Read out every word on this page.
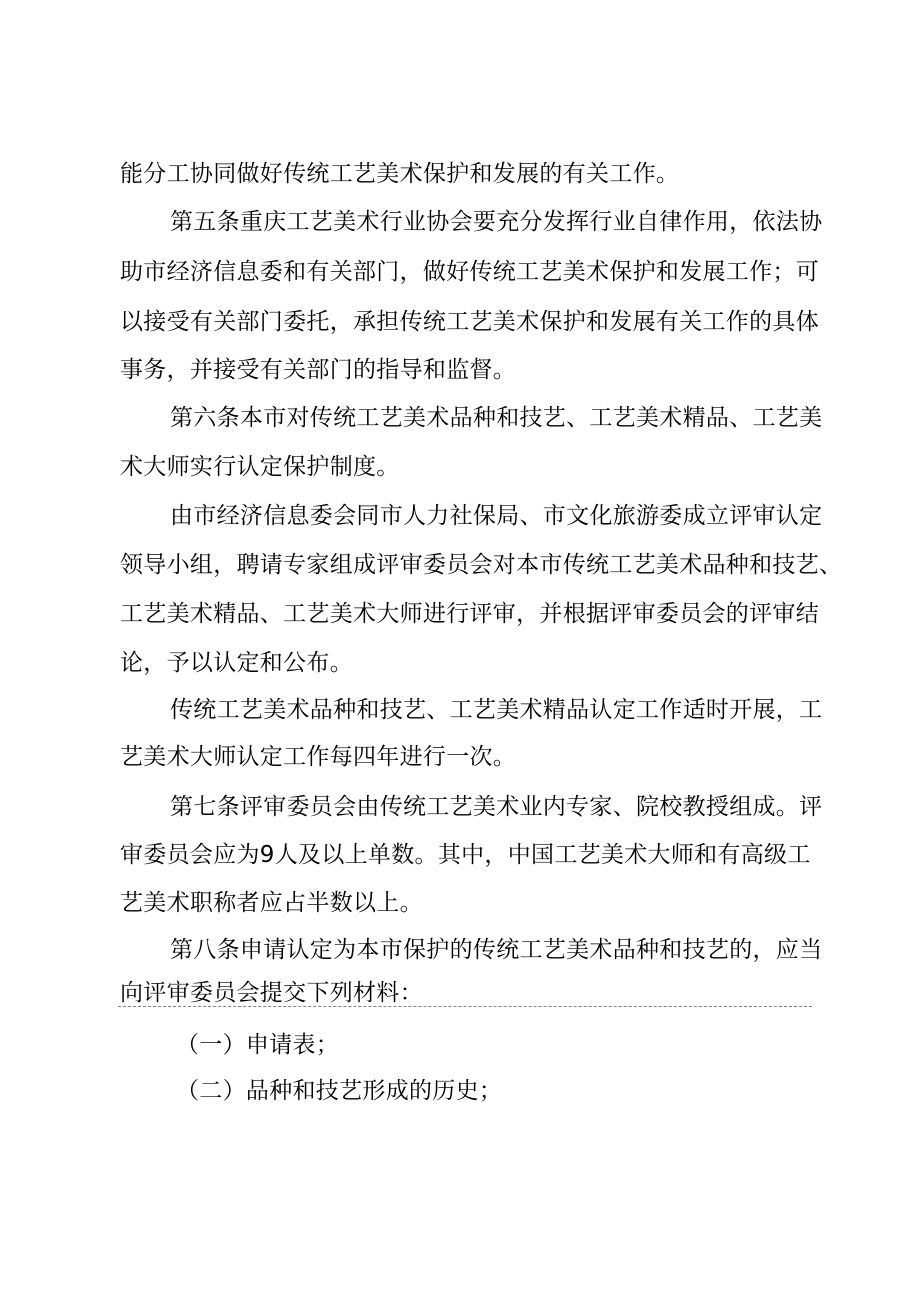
能分工协同做好传统工艺美术保护和发展的有关工作。
第五条重庆工艺美术行业协会要充分发挥行业自律作用，依法协
助市经济信息委和有关部门，做好传统工艺美术保护和发展工作；可
以接受有关部门委托，承担传统工艺美术保护和发展有关工作的具体
事务，并接受有关部门的指导和监督。
第六条本市对传统工艺美术品种和技艺、工艺美术精品、工艺美
术大师实行认定保护制度。
由市经济信息委会同市人力社保局、市文化旅游委成立评审认定
领导小组，聘请专家组成评审委员会对本市传统工艺美术品种和技艺、
工艺美术精品、工艺美术大师进行评审，并根据评审委员会的评审结
论，予以认定和公布。
传统工艺美术品种和技艺、工艺美术精品认定工作适时开展，工
艺美术大师认定工作每四年进行一次。
第七条评审委员会由传统工艺美术业内专家、院校教授组成。评
审委员会应为9人及以上单数。其中，中国工艺美术大师和有高级工
艺美术职称者应占半数以上。
第八条申请认定为本市保护的传统工艺美术品种和技艺的，应当
向评审委员会提交下列材料：
（一）申请表；
（二）品种和技艺形成的历史；
